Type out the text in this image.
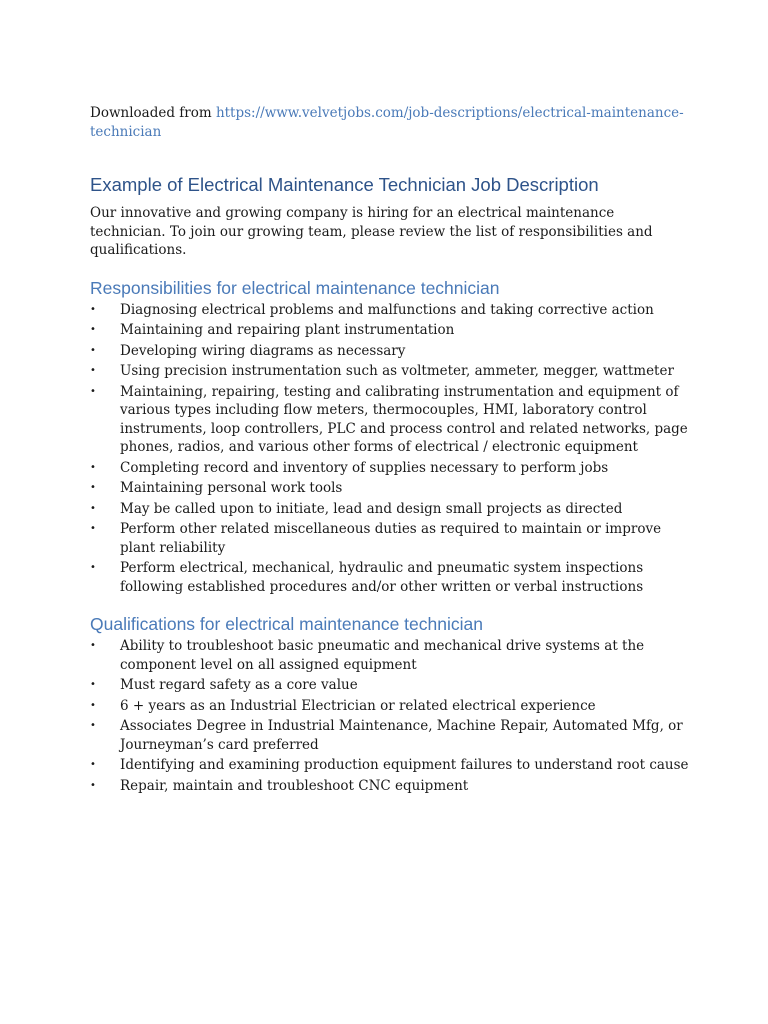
Downloaded from https://www.velvetjobs.com/job-descriptions/electrical-maintenance-technician

Example of Electrical Maintenance Technician Job Description

Our innovative and growing company is hiring for an electrical maintenance technician. To join our growing team, please review the list of responsibilities and qualifications.

Responsibilities for electrical maintenance technician
•	Diagnosing electrical problems and malfunctions and taking corrective action
•	Maintaining and repairing plant instrumentation
•	Developing wiring diagrams as necessary
•	Using precision instrumentation such as voltmeter, ammeter, megger, wattmeter
•	Maintaining, repairing, testing and calibrating instrumentation and equipment of various types including flow meters, thermocouples, HMI, laboratory control instruments, loop controllers, PLC and process control and related networks, page phones, radios, and various other forms of electrical / electronic equipment
•	Completing record and inventory of supplies necessary to perform jobs
•	Maintaining personal work tools
•	May be called upon to initiate, lead and design small projects as directed
•	Perform other related miscellaneous duties as required to maintain or improve plant reliability
•	Perform electrical, mechanical, hydraulic and pneumatic system inspections following established procedures and/or other written or verbal instructions
Qualifications for electrical maintenance technician
•	Ability to troubleshoot basic pneumatic and mechanical drive systems at the component level on all assigned equipment
•	Must regard safety as a core value
•	6 + years as an Industrial Electrician or related electrical experience
•	Associates Degree in Industrial Maintenance, Machine Repair, Automated Mfg, or Journeyman’s card preferred
•	Identifying and examining production equipment failures to understand root cause
•	Repair, maintain and troubleshoot CNC equipment
